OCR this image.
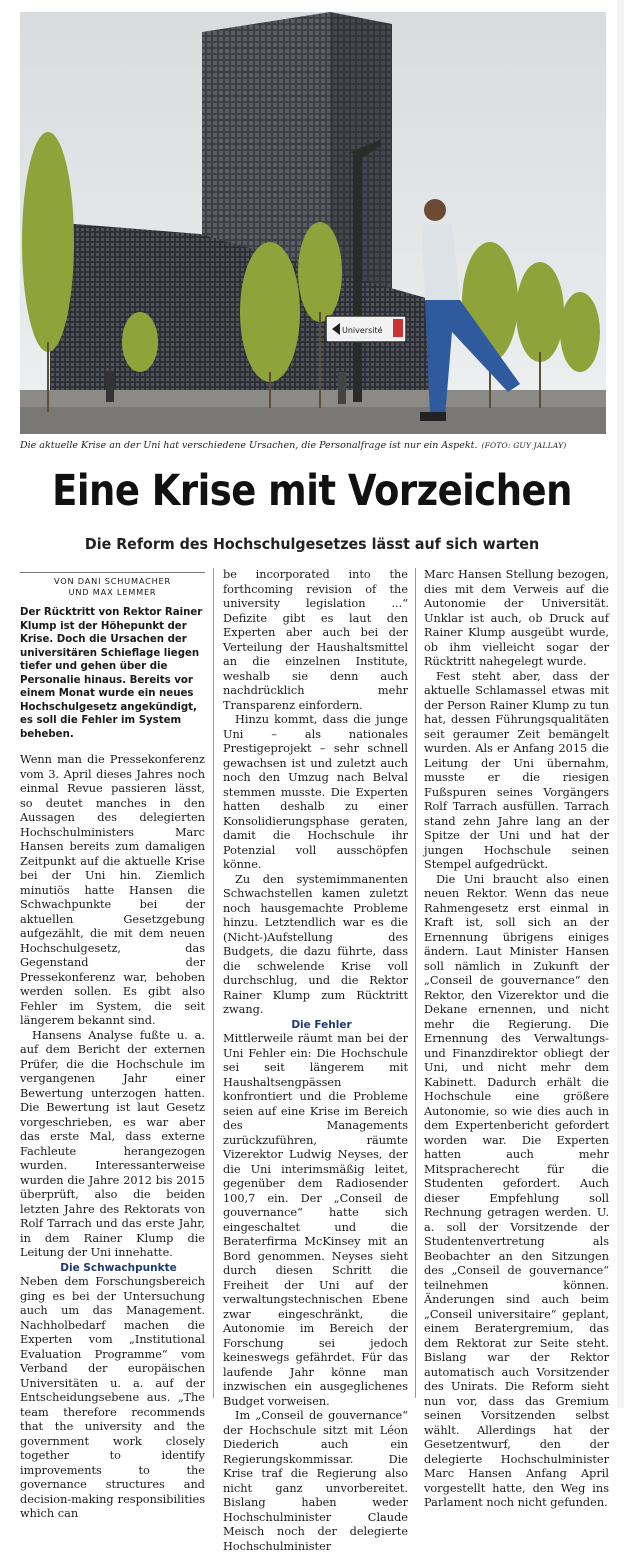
Université
Die aktuelle Krise an der Uni hat verschiedene Ursachen, die Personalfrage ist nur ein Aspekt. (FOTO: GUY JALLAY)
Eine Krise mit Vorzeichen
Die Reform des Hochschulgesetzes lässt auf sich warten
VON DANI SCHUMACHER
UND MAX LEMMER

Der Rücktritt von Rektor Rainer Klump ist der Höhepunkt der Krise. Doch die Ursachen der universitären Schieflage liegen tiefer und gehen über die Personalie hinaus. Bereits vor einem Monat wurde ein neues Hochschulgesetz angekündigt, es soll die Fehler im System beheben.

Wenn man die Pressekonferenz vom 3. April dieses Jahres noch einmal Revue passieren lässt, so deutet manches in den Aussagen des delegierten Hochschulministers Marc Hansen bereits zum damaligen Zeitpunkt auf die aktuelle Krise bei der Uni hin. Ziemlich minutiös hatte Hansen die Schwachpunkte bei der aktuellen Gesetzgebung aufgezählt, die mit dem neuen Hochschulgesetz, das Gegenstand der Pressekonferenz war, behoben werden sollen. Es gibt also Fehler im System, die seit längerem bekannt sind.

Hansens Analyse fußte u. a. auf dem Bericht der externen Prüfer, die die Hochschule im vergangenen Jahr einer Bewertung unterzogen hatten. Die Bewertung ist laut Gesetz vorgeschrieben, es war aber das erste Mal, dass externe Fachleute herangezogen wurden. Interessanterweise wurden die Jahre 2012 bis 2015 überprüft, also die beiden letzten Jahre des Rektorats von Rolf Tarrach und das erste Jahr, in dem Rainer Klump die Leitung der Uni innehatte.

Die Schwachpunkte

Neben dem Forschungsbereich ging es bei der Untersuchung auch um das Management. Nachholbedarf machen die Experten vom „Institutional Evaluation Programme“ vom Verband der europäischen Universitäten u. a. auf der Entscheidungsebene aus. „The team therefore recommends that the university and the government work closely together to identify improvements to the governance structures and decision-making responsibilities which can

be incorporated into the forthcoming revision of the university legislation ...“ Defizite gibt es laut den Experten aber auch bei der Verteilung der Haushaltsmittel an die einzelnen Institute, weshalb sie denn auch nachdrücklich mehr Transparenz einfordern.

Hinzu kommt, dass die junge Uni – als nationales Prestigeprojekt – sehr schnell gewachsen ist und zuletzt auch noch den Umzug nach Belval stemmen musste. Die Experten hatten deshalb zu einer Konsolidierungsphase geraten, damit die Hochschule ihr Potenzial voll ausschöpfen könne.

Zu den systemimmanenten Schwachstellen kamen zuletzt noch hausgemachte Probleme hinzu. Letztendlich war es die (Nicht-)Aufstellung des Budgets, die dazu führte, dass die schwelende Krise voll durchschlug, und die Rektor Rainer Klump zum Rücktritt zwang.

Die Fehler

Mittlerweile räumt man bei der Uni Fehler ein: Die Hochschule sei seit längerem mit Haushaltsengpässen konfrontiert und die Probleme seien auf eine Krise im Bereich des Managements zurückzuführen, räumte Vizerektor Ludwig Neyses, der die Uni interimsmäßig leitet, gegenüber dem Radiosender 100,7 ein. Der „Conseil de gouvernance“ hatte sich eingeschaltet und die Beraterfirma McKinsey mit an Bord genommen. Neyses sieht durch diesen Schritt die Freiheit der Uni auf der verwaltungstechnischen Ebene zwar eingeschränkt, die Autonomie im Bereich der Forschung sei jedoch keineswegs gefährdet. Für das laufende Jahr könne man inzwischen ein ausgeglichenes Budget vorweisen.

Im „Conseil de gouvernance“ der Hochschule sitzt mit Léon Diederich auch ein Regierungskommissar. Die Krise traf die Regierung also nicht ganz unvorbereitet. Bislang haben weder Hochschulminister Claude Meisch noch der delegierte Hochschulminister

Marc Hansen Stellung bezogen, dies mit dem Verweis auf die Autonomie der Universität. Unklar ist auch, ob Druck auf Rainer Klump ausgeübt wurde, ob ihm vielleicht sogar der Rücktritt nahegelegt wurde.

Fest steht aber, dass der aktuelle Schlamassel etwas mit der Person Rainer Klump zu tun hat, dessen Führungsqualitäten seit geraumer Zeit bemängelt wurden. Als er Anfang 2015 die Leitung der Uni übernahm, musste er die riesigen Fußspuren seines Vorgängers Rolf Tarrach ausfüllen. Tarrach stand zehn Jahre lang an der Spitze der Uni und hat der jungen Hochschule seinen Stempel aufgedrückt.

Die Uni braucht also einen neuen Rektor. Wenn das neue Rahmengesetz erst einmal in Kraft ist, soll sich an der Ernennung übrigens einiges ändern. Laut Minister Hansen soll nämlich in Zukunft der „Conseil de gouvernance“ den Rektor, den Vizerektor und die Dekane ernennen, und nicht mehr die Regierung. Die Ernennung des Verwaltungs- und Finanzdirektor obliegt der Uni, und nicht mehr dem Kabinett. Dadurch erhält die Hochschule eine größere Autonomie, so wie dies auch in dem Expertenbericht gefordert worden war. Die Experten hatten auch mehr Mitspracherecht für die Studenten gefordert. Auch dieser Empfehlung soll Rechnung getragen werden. U. a. soll der Vorsitzende der Studentenvertretung als Beobachter an den Sitzungen des „Conseil de gouvernance“ teilnehmen können. Änderungen sind auch beim „Conseil universitaire“ geplant, einem Beratergremium, das dem Rektorat zur Seite steht. Bislang war der Rektor automatisch auch Vorsitzender des Unirats. Die Reform sieht nun vor, dass das Gremium seinen Vorsitzenden selbst wählt. Allerdings hat der Gesetzentwurf, den der delegierte Hochschulminister Marc Hansen Anfang April vorgestellt hatte, den Weg ins Parlament noch nicht gefunden.
